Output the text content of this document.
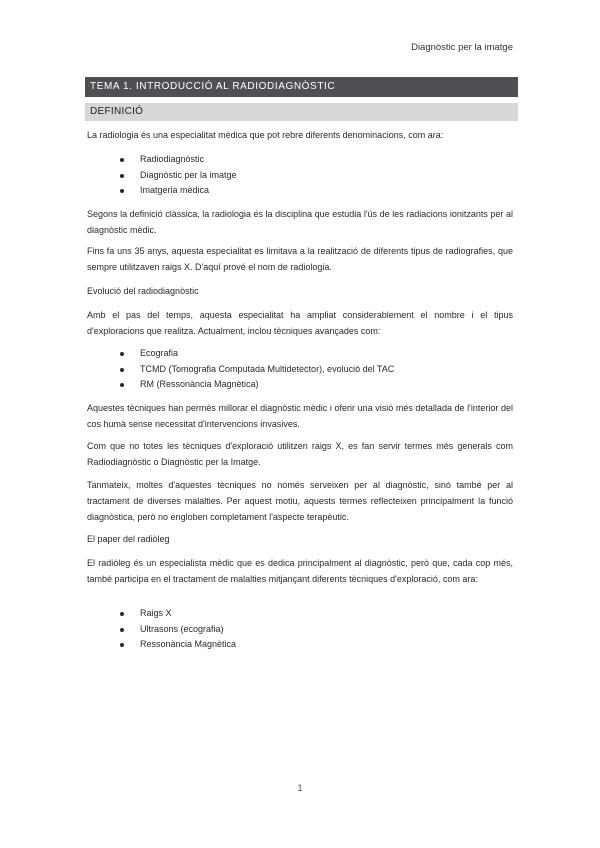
Diagnòstic per la imatge
TEMA 1. INTRODUCCIÓ AL RADIODIAGNÒSTIC
DEFINICIÓ
La radiologia és una especialitat mèdica que pot rebre diferents denominacions, com ara:
Radiodiagnòstic
Diagnòstic per la imatge
Imatgeria mèdica
Segons la definició clàssica, la radiologia és la disciplina que estudia l'ús de les radiacions ionitzants per al diagnòstic mèdic.
Fins fa uns 35 anys, aquesta especialitat es limitava a la realització de diferents tipus de radiografies, que sempre utilitzaven raigs X. D'aquí prové el nom de radiologia.
Evolució del radiodiagnòstic
Amb el pas del temps, aquesta especialitat ha ampliat considerablement el nombre i el tipus d'exploracions que realitza. Actualment, inclou tècniques avançades com:
Ecografia
TCMD (Tomografia Computada Multidetector), evolució del TAC
RM (Ressonància Magnètica)
Aquestes tècniques han permès millorar el diagnòstic mèdic i oferir una visió més detallada de l'interior del cos humà sense necessitat d'intervencions invasives.
Com que no totes les tècniques d'exploració utilitzen raigs X, es fan servir termes més generals com Radiodiagnòstic o Diagnòstic per la Imatge.
Tanmateix, moltes d'aquestes tècniques no només serveixen per al diagnòstic, sinó també per al tractament de diverses malalties. Per aquest motiu, aquests termes reflecteixen principalment la funció diagnòstica, però no engloben completament l'aspecte terapèutic.
El paper del radiòleg
El radiòleg és un especialista mèdic que es dedica principalment al diagnòstic, però que, cada cop més, també participa en el tractament de malalties mitjançant diferents tècniques d'exploració, com ara:
Raigs X
Ultrasons (ecografia)
Ressonància Magnètica
1
